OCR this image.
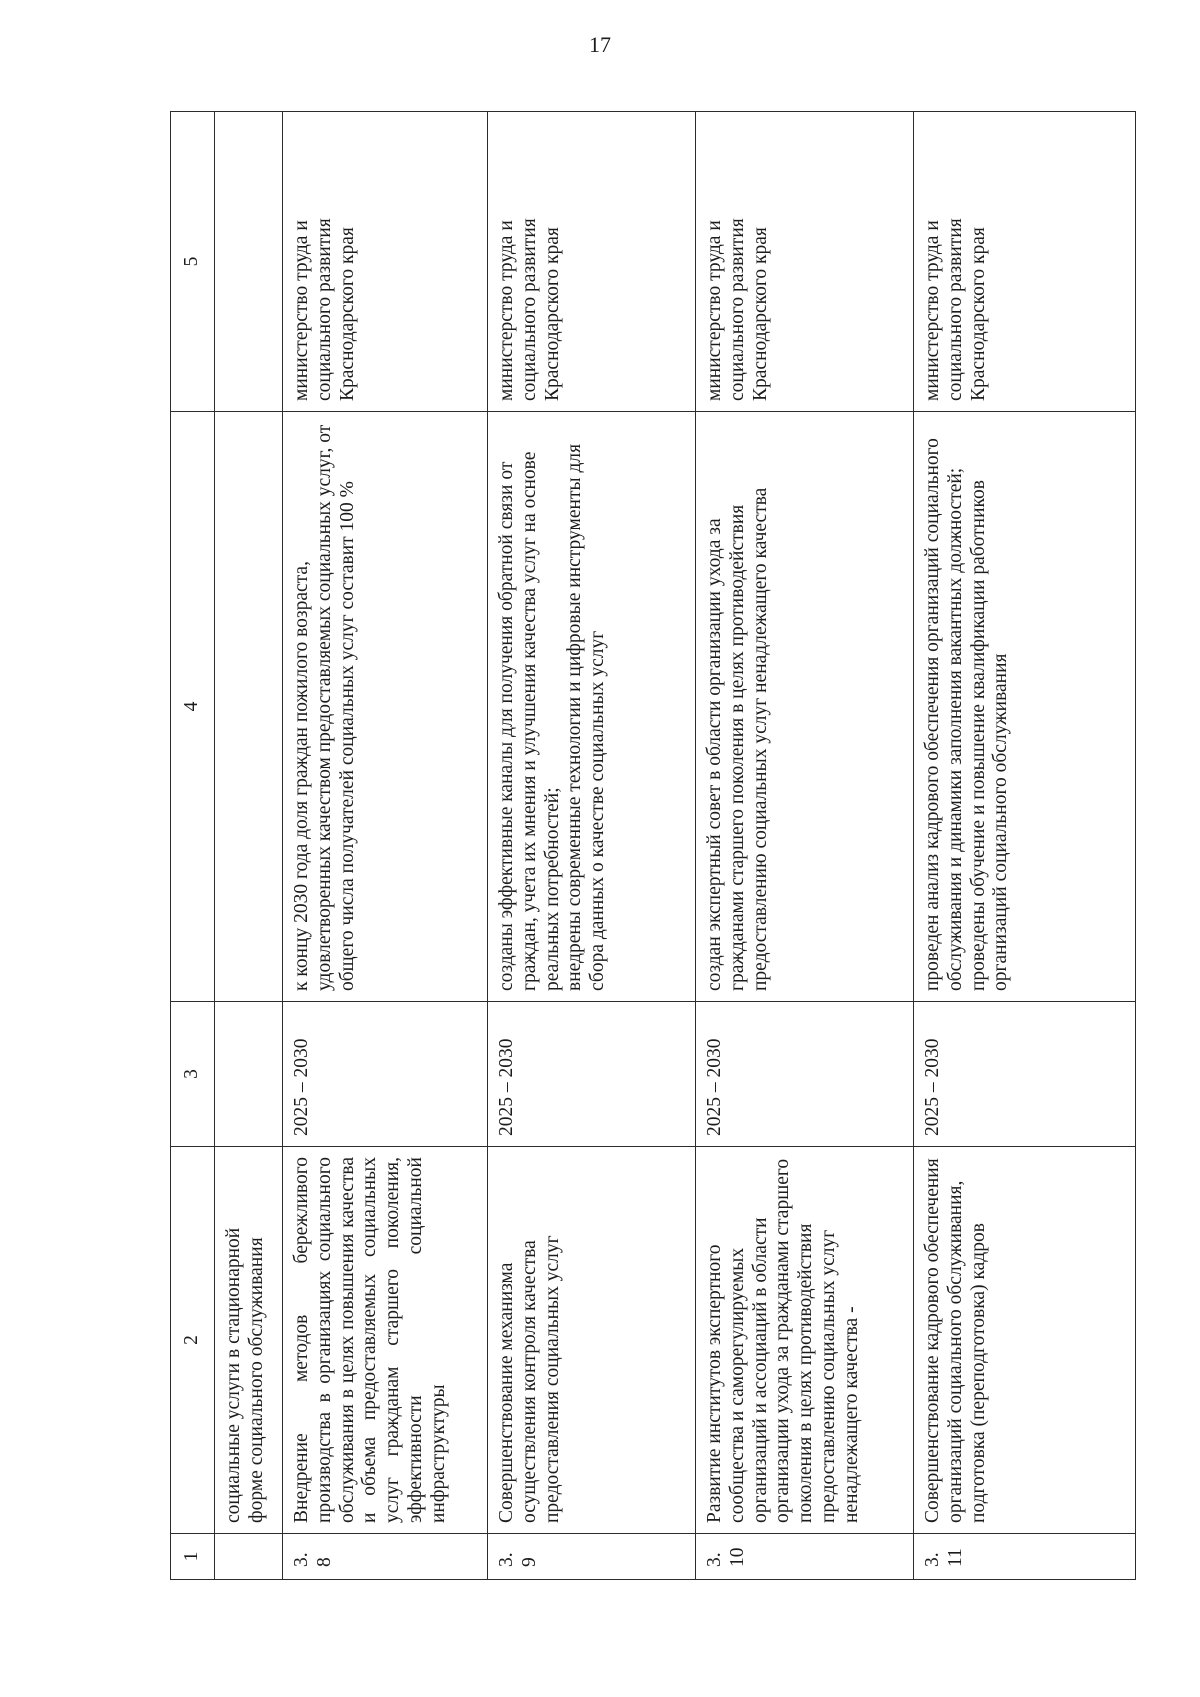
17
1	2	3	4	5
	социальные услуги в стационарной
форме социального обслуживания			
3.8	Внедрение методов бережливого производства в организациях социального обслуживания в целях повышения качества и объема предоставляемых социальных услуг гражданам старшего поколения, эффективности социальной инфраструктуры	2025 – 2030	к концу 2030 года доля граждан пожилого возраста, удовлетворенных качеством предоставляемых социальных услуг, от общего числа получателей социальных услуг составит 100 %	министерство труда и социального развития Краснодарского края
3.9	Совершенствование механизма осуществления контроля качества предоставления социальных услуг	2025 – 2030	созданы эффективные каналы для получения обратной связи от граждан, учета их мнения и улучшения качества услуг на основе реальных потребностей;
внедрены современные технологии и цифровые инструменты для сбора данных о качестве социальных услуг	министерство труда и социального развития Краснодарского края
3.10	Развитие институтов экспертного сообщества и саморегулируемых организаций и ассоциаций в области организации ухода за гражданами старшего поколения в целях противодействия предоставлению социальных услуг ненадлежащего качества -	2025 – 2030	создан экспертный совет в области организации ухода за гражданами старшего поколения в целях противодействия предоставлению социальных услуг ненадлежащего качества	министерство труда и социального развития Краснодарского края
3.11	Совершенствование кадрового обеспечения организаций социального обслуживания, подготовка (переподготовка) кадров	2025 – 2030	проведен анализ кадрового обеспечения организаций социального обслуживания и динамики заполнения вакантных должностей;
проведены обучение и повышение квалификации работников организаций социального обслуживания	министерство труда и социального развития Краснодарского края
